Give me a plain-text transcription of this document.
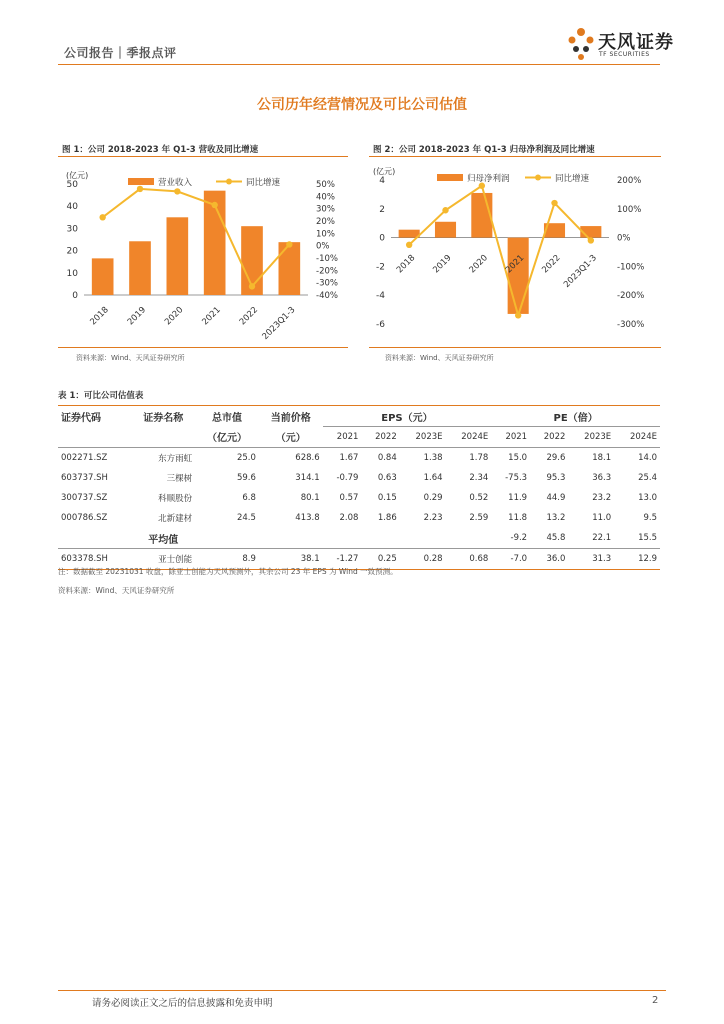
公司报告｜季报点评	天风证券
TF SECURITIES
公司历年经营情况及可比公司估值
图 1：公司 2018-2023 年 Q1-3 营收及同比增速
(亿元)
0
10
20
30
40
50
-40%
-30%
-20%
-10%
0%
10%
20%
30%
40%
50%
2018 2019 2020 2021 2022 2023Q1-3
营业收入	同比增速
资料来源：Wind、天风证券研究所
图 2：公司 2018-2023 年 Q1-3 归母净利润及同比增速
(亿元)
-6
-4
-2
0
2
4
-300%
-200%
-100%
0%
100%
200%
2018 2019 2020 2021 2022 2023Q1-3
归母净利润	同比增速
资料来源：Wind、天风证券研究所
表 1：可比公司估值表
证券代码	证券名称	总市值	当前价格	EPS（元）				PE（倍）			
		（亿元）	（元）	2021	2022	2023E	2024E	2021	2022	2023E	2024E
002271.SZ	东方雨虹	25.0	628.6	1.67	0.84	1.38	1.78	15.0	29.6	18.1	14.0
603737.SH	三棵树	59.6	314.1	-0.79	0.63	1.64	2.34	-75.3	95.3	36.3	25.4
300737.SZ	科顺股份	6.8	80.1	0.57	0.15	0.29	0.52	11.9	44.9	23.2	13.0
000786.SZ	北新建材	24.5	413.8	2.08	1.86	2.23	2.59	11.8	13.2	11.0	9.5
	平均值							-9.2	45.8	22.1	15.5
603378.SH	亚士创能	8.9	38.1	-1.27	0.25	0.28	0.68	-7.0	36.0	31.3	12.9
注：数据截至 20231031 收盘，除亚士创能为天风预测外，其余公司 23 年 EPS 为 Wind 一致预测。
资料来源：Wind、天风证券研究所
请务必阅读正文之后的信息披露和免责申明	2
